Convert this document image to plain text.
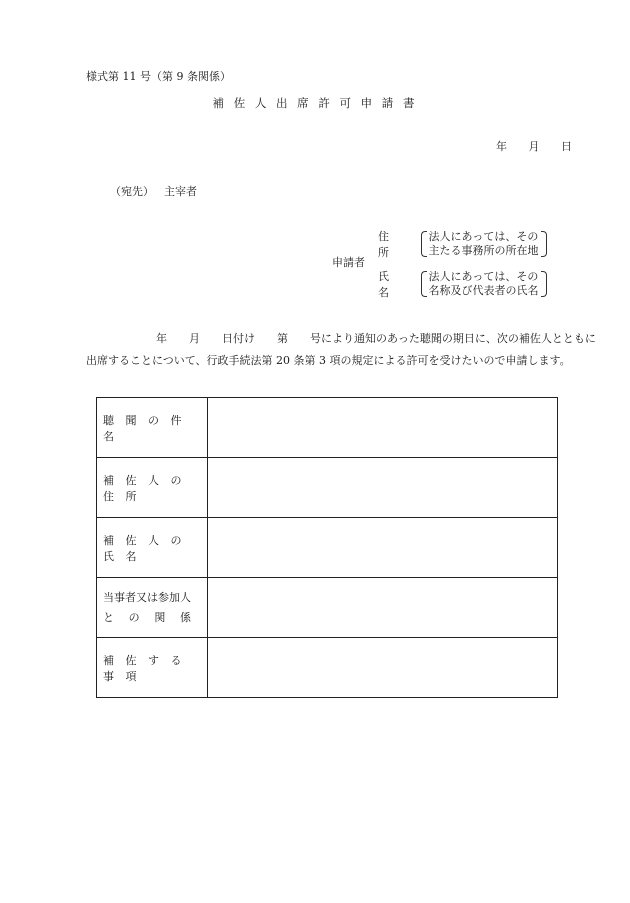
様式第 11 号（第 9 条関係）
補 佐 人 出 席 許 可 申 請 書
年 月 日
（宛先） 主宰者
申請者
住 所 法人にあっては、その
主たる事務所の所在地
氏 名 法人にあっては、その
名称及び代表者の氏名
年 月 日付け 第 号により通知のあった聴聞の期日に、次の補佐人とともに出席することについて、行政手続法第 20 条第 3 項の規定による許可を受けたいので申請します。
聴 聞 の 件 名	
補 佐 人 の 住 所	
補 佐 人 の 氏 名	

当事者又は参加人
と の 関 係	

補 佐 す る 事 項	
